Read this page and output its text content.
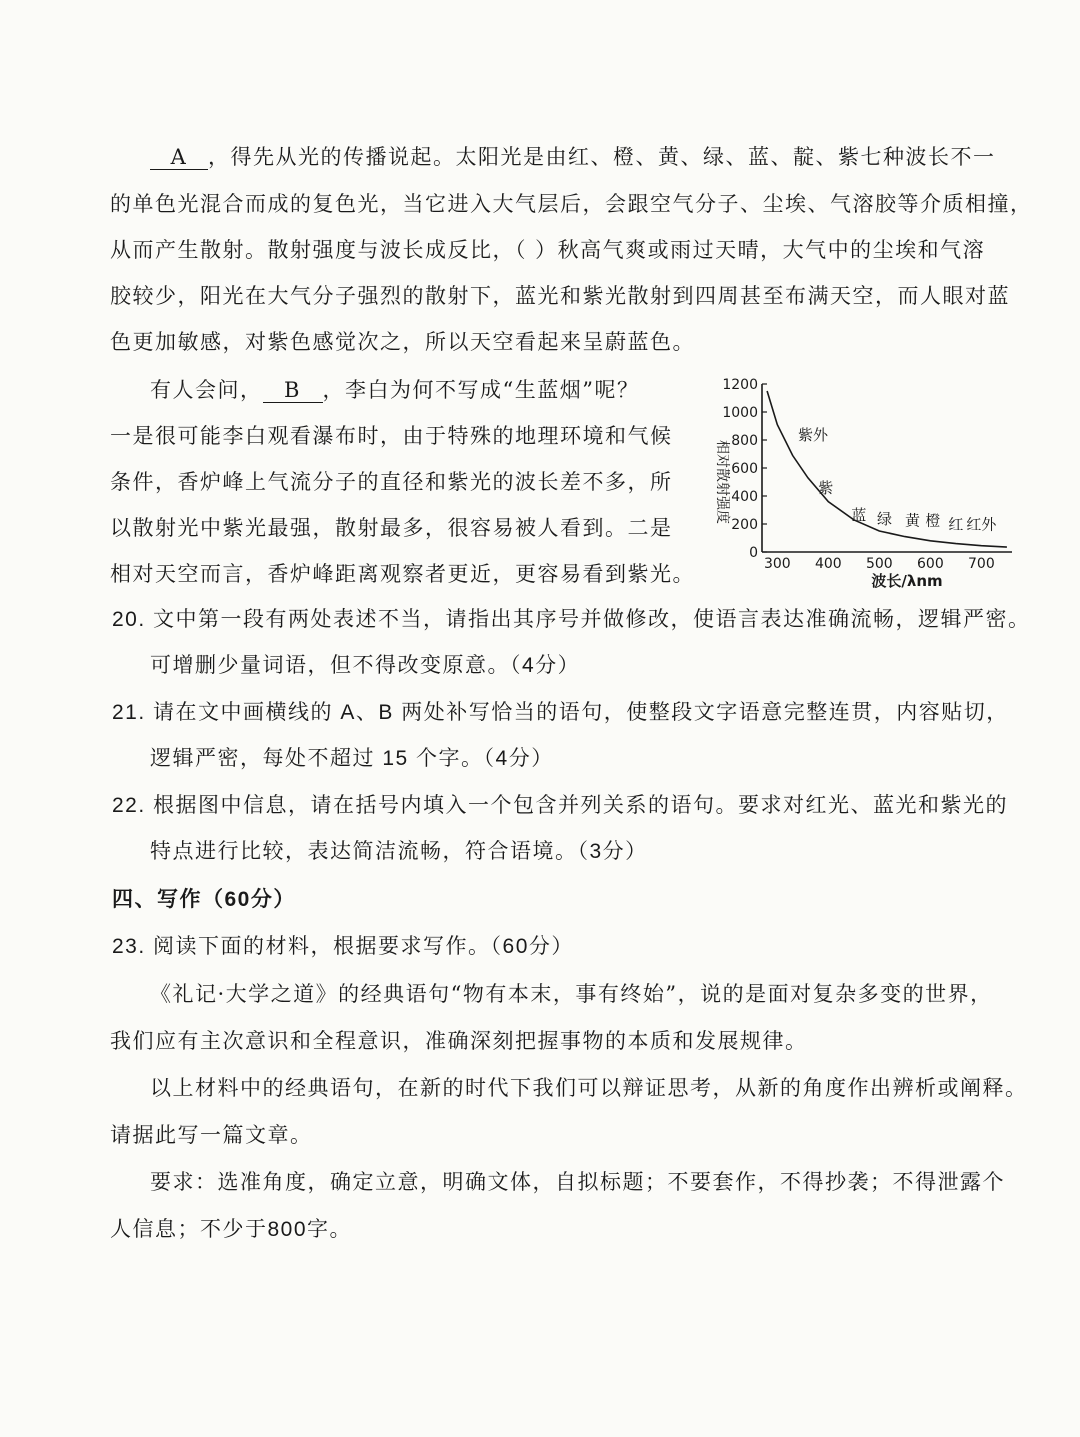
A ，得先从光的传播说起。太阳光是由红、橙、黄、绿、蓝、靛、紫七种波长不一
的单色光混合而成的复色光，当它进入大气层后，会跟空气分子、尘埃、气溶胶等介质相撞，
从而产生散射。散射强度与波长成反比，（ ）秋高气爽或雨过天晴，大气中的尘埃和气溶
胶较少，阳光在大气分子强烈的散射下，蓝光和紫光散射到四周甚至布满天空，而人眼对蓝
色更加敏感，对紫色感觉次之，所以天空看起来呈蔚蓝色。
有人会问， B ，李白为何不写成“生蓝烟”呢？
一是很可能李白观看瀑布时，由于特殊的地理环境和气候
条件，香炉峰上气流分子的直径和紫光的波长差不多，所
以散射光中紫光最强，散射最多，很容易被人看到。二是
相对天空而言，香炉峰距离观察者更近，更容易看到紫光。
相对散射强度
0
200
400
600
800
1000
1200
300 400 500 600 700
紫外
紫
蓝 绿 黄 橙 红 红外
波长/λnm
20. 文中第一段有两处表述不当，请指出其序号并做修改，使语言表达准确流畅，逻辑严密。
可增删少量词语，但不得改变原意。（4分）
21. 请在文中画横线的 A、B 两处补写恰当的语句，使整段文字语意完整连贯，内容贴切，
逻辑严密，每处不超过 15 个字。（4分）
22. 根据图中信息，请在括号内填入一个包含并列关系的语句。要求对红光、蓝光和紫光的
特点进行比较，表达简洁流畅，符合语境。（3分）
四、写作（60分）
23. 阅读下面的材料，根据要求写作。（60分）
《礼记·大学之道》的经典语句“物有本末，事有终始”，说的是面对复杂多变的世界，
我们应有主次意识和全程意识，准确深刻把握事物的本质和发展规律。
以上材料中的经典语句，在新的时代下我们可以辩证思考，从新的角度作出辨析或阐释。
请据此写一篇文章。
要求：选准角度，确定立意，明确文体，自拟标题；不要套作，不得抄袭；不得泄露个
人信息；不少于800字。
